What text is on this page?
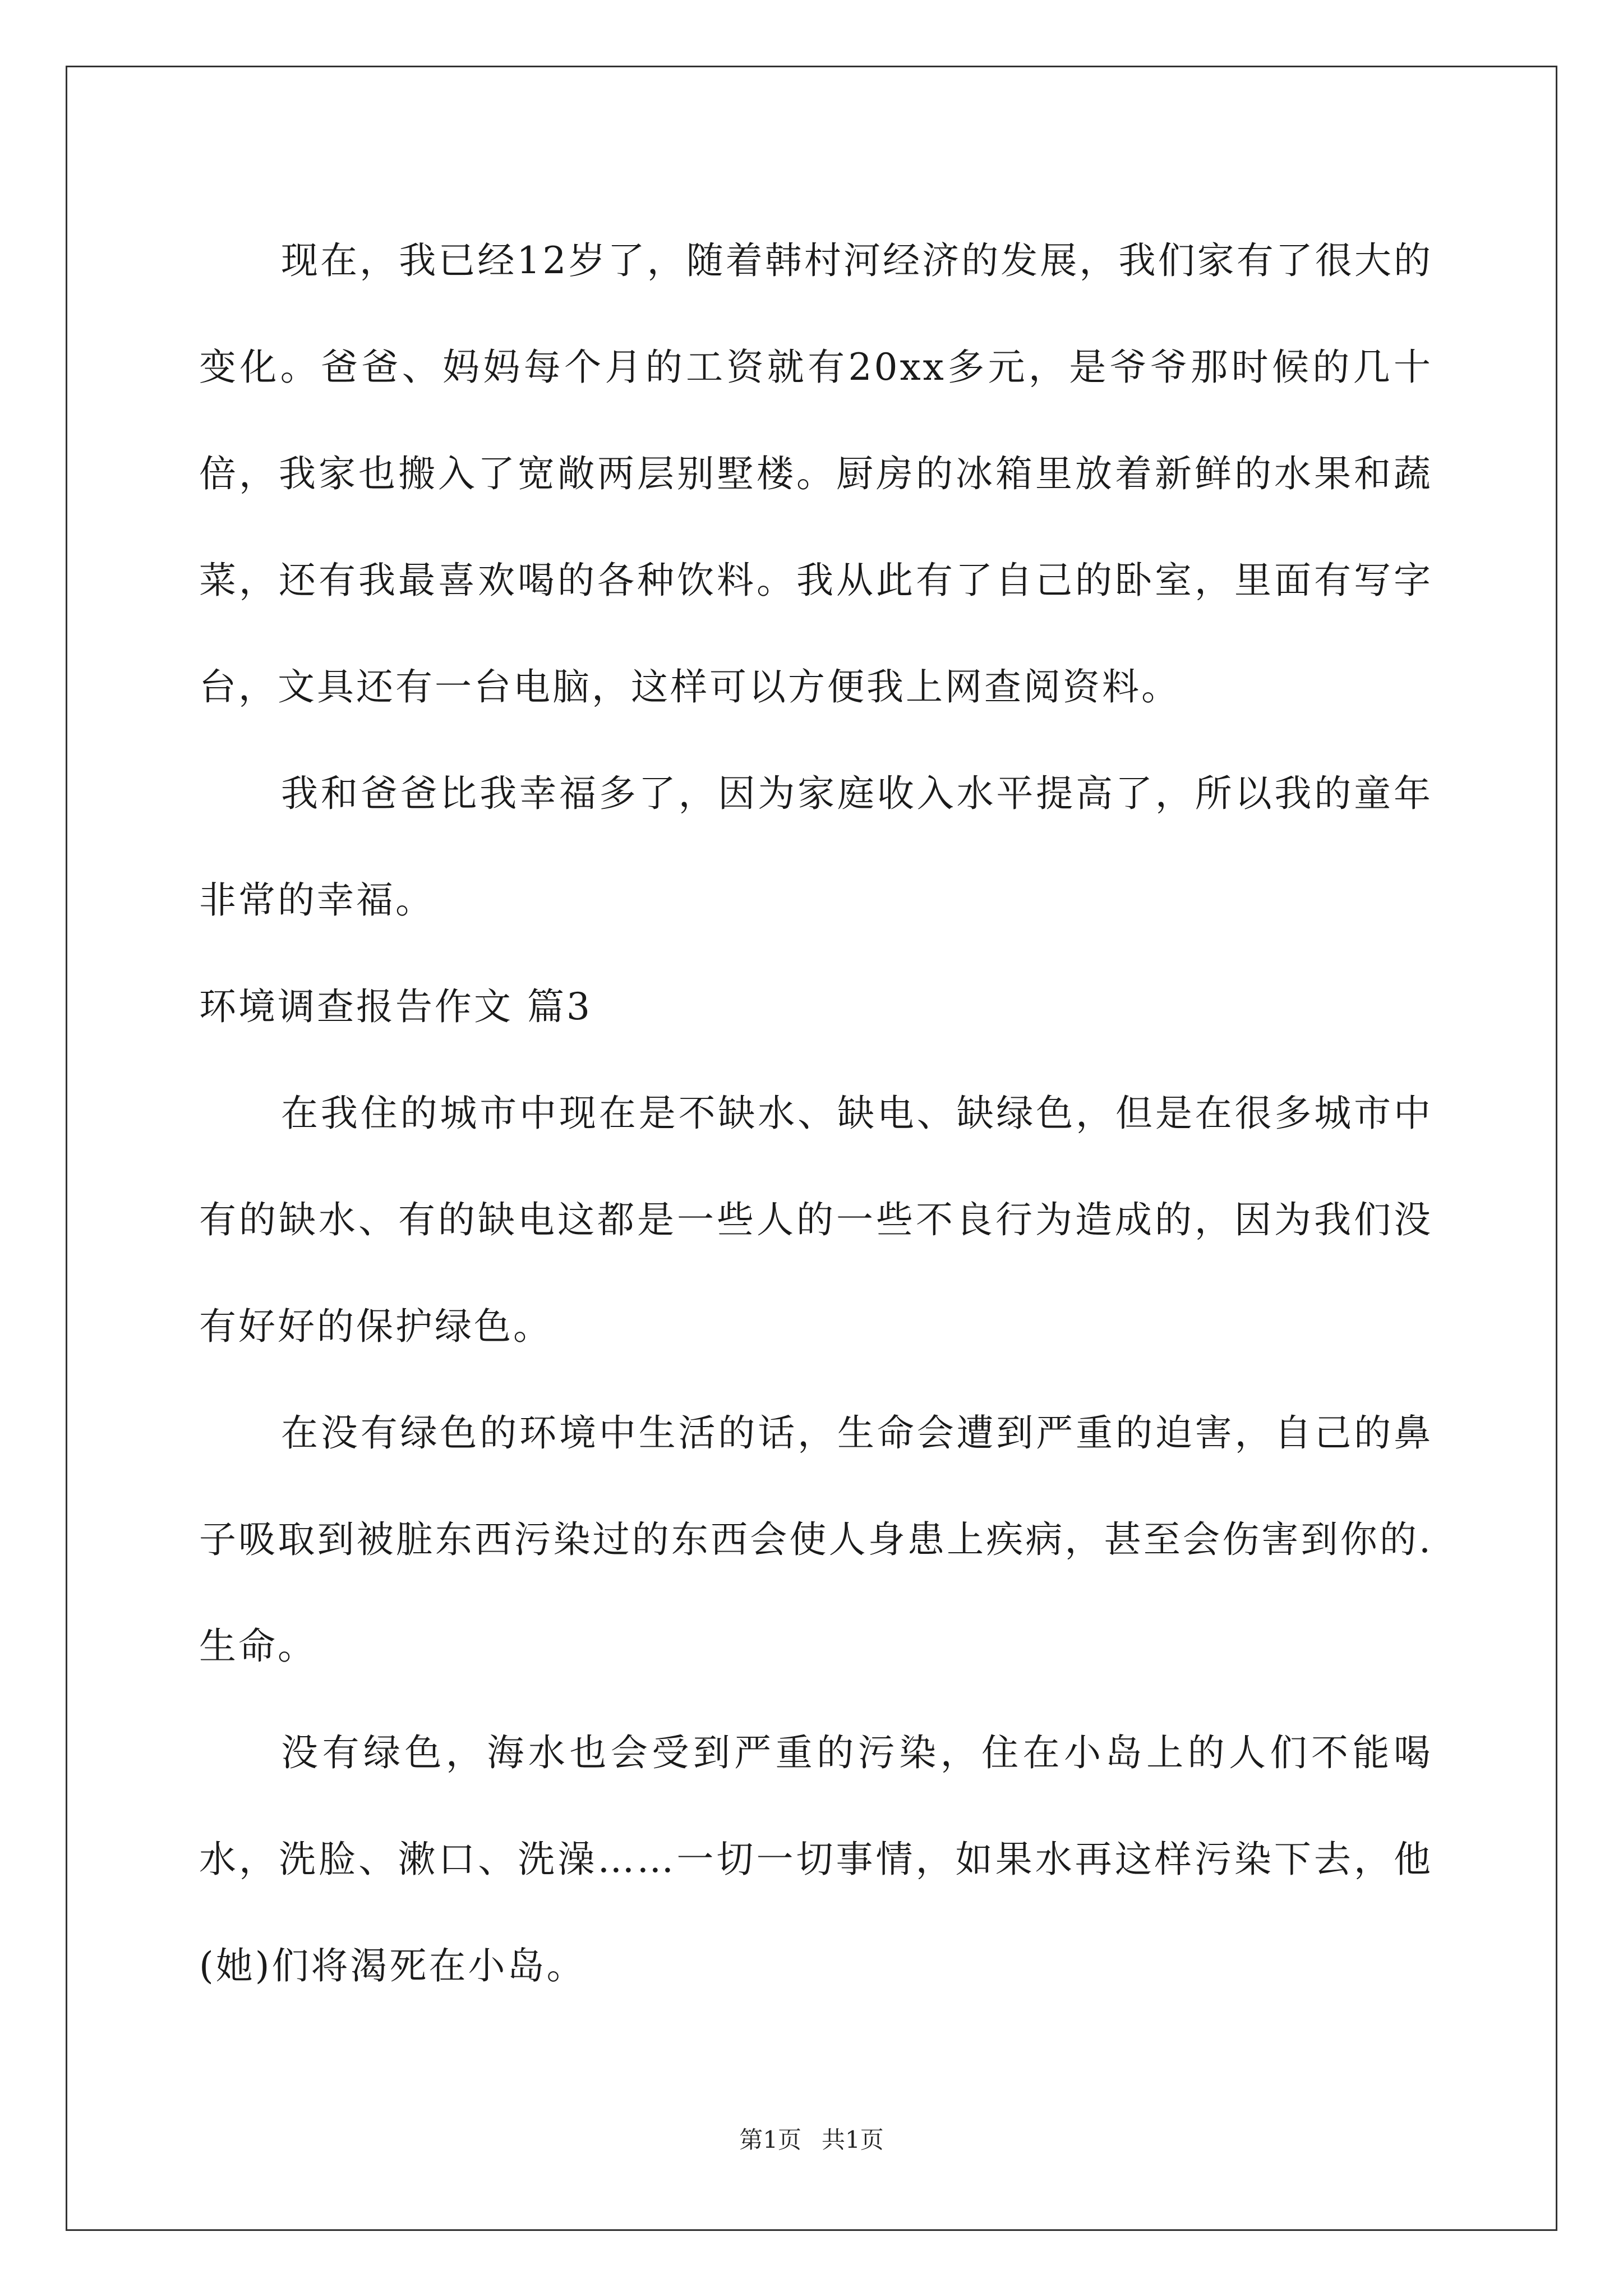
现在，我已经12岁了，随着韩村河经济的发展，我们家有了很大的变化。爸爸、妈妈每个月的工资就有20xx多元，是爷爷那时候的几十倍，我家也搬入了宽敞两层别墅楼。厨房的冰箱里放着新鲜的水果和蔬菜，还有我最喜欢喝的各种饮料。我从此有了自己的卧室，里面有写字台，文具还有一台电脑，这样可以方便我上网查阅资料。

我和爸爸比我幸福多了，因为家庭收入水平提高了，所以我的童年非常的幸福。

环境调查报告作文 篇3

在我住的城市中现在是不缺水、缺电、缺绿色，但是在很多城市中有的缺水、有的缺电这都是一些人的一些不良行为造成的，因为我们没有好好的保护绿色。

在没有绿色的环境中生活的话，生命会遭到严重的迫害，自己的鼻子吸取到被脏东西污染过的东西会使人身患上疾病，甚至会伤害到你的.生命。

没有绿色，海水也会受到严重的污染，住在小岛上的人们不能喝水，洗脸、漱口、洗澡……一切一切事情，如果水再这样污染下去，他(她)们将渴死在小岛。

第1页 共1页
